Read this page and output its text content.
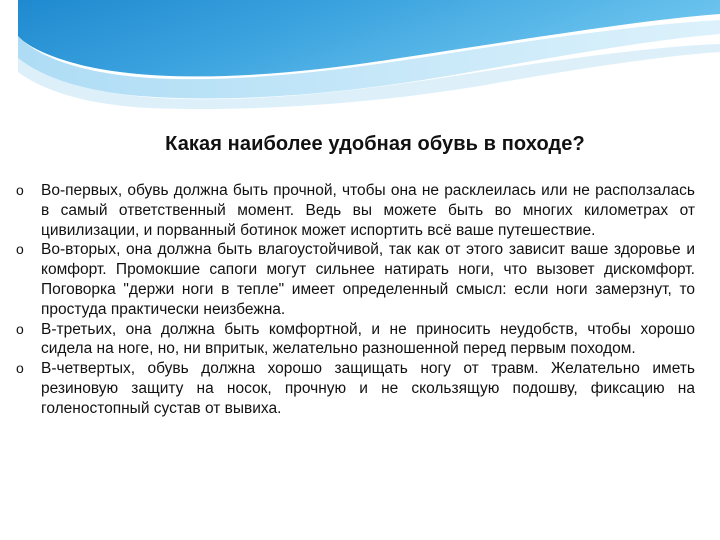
Какая наиболее удобная обувь в походе?
o Во-первых, обувь должна быть прочной, чтобы она не расклеилась или не расползалась в самый ответственный момент. Ведь вы можете быть во многих километрах от цивилизации, и порванный ботинок может испортить всё ваше путешествие.
o Во-вторых, она должна быть влагоустойчивой, так как от этого зависит ваше здоровье и комфорт. Промокшие сапоги могут сильнее натирать ноги, что вызовет дискомфорт. Поговорка "держи ноги в тепле" имеет определенный смысл: если ноги замерзнут, то простуда практически неизбежна.
o В-третьих, она должна быть комфортной, и не приносить неудобств, чтобы хорошо сидела на ноге, но, ни впритык, желательно разношенной перед первым походом.
o В-четвертых, обувь должна хорошо защищать ногу от травм. Желательно иметь резиновую защиту на носок, прочную и не скользящую подошву, фиксацию на голеностопный сустав от вывиха.
